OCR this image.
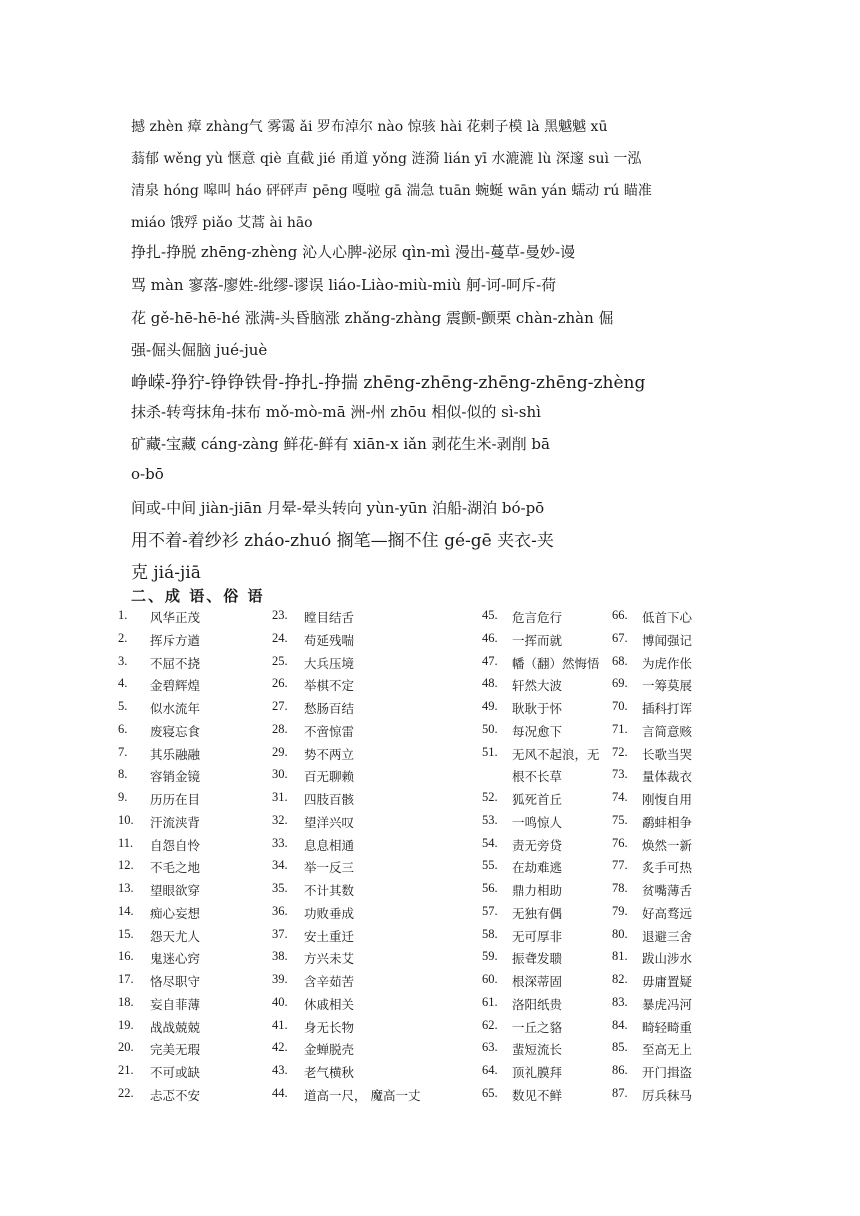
撼 zhèn 瘴 zhàng气 雾霭 ǎi 罗布淖尔 nào 惊骇 hài 花剌子模 là 黑魆魆 xū
蓊郁 wěng yù 惬意 qiè 直截 jié 甬道 yǒng 涟漪 lián yī 水漉漉 lù 深邃 suì 一泓
清泉 hóng 嗥叫 háo 砰砰声 pēng 嘎啦 gā 湍急 tuān 蜿蜒 wān yán 蠕动 rú 瞄准
miáo 饿殍 piǎo 艾蒿 ài hāo
挣扎-挣脱 zhēng-zhèng 沁人心脾-泌尿 qìn-mì 漫出-蔓草-曼妙-谩
骂 màn 寥落-廖姓-纰缪-谬误 liáo-Liào-miù-miù 舸-诃-呵斥-荷
花 gě-hē-hē-hé 涨满-头昏脑涨 zhǎng-zhàng 震颤-颤栗 chàn-zhàn 倔
强-倔头倔脑 jué-juè
峥嵘-狰狞-铮铮铁骨-挣扎-挣揣 zhēng-zhēng-zhēng-zhēng-zhèng
抹杀-转弯抹角-抹布 mǒ-mò-mā 洲-州 zhōu 相似-似的 sì-shì
矿藏-宝藏 cáng-zàng 鲜花-鲜有 xiān-x iǎn 剥花生米-剥削 bā
o-bō
间或-中间 jiàn-jiān 月晕-晕头转向 yùn-yūn 泊船-湖泊 bó-pō
用不着-着纱衫 zháo-zhuó 搁笔—搁不住 gé-gē 夹衣-夹
克 jiá-jiā
二、成 语、俗 语
1. 风华正茂
2. 挥斥方遒
3. 不屈不挠
4. 金碧辉煌
5. 似水流年
6. 废寝忘食
7. 其乐融融
8. 容销金镜
9. 历历在目
10. 汗流浃背
11. 自怨自怜
12. 不毛之地
13. 望眼欲穿
14. 痴心妄想
15. 怨天尤人
16. 鬼迷心窍
17. 恪尽职守
18. 妄自菲薄
19. 战战兢兢
20. 完美无瑕
21. 不可或缺
22. 忐忑不安
23. 瞠目结舌
24. 苟延残喘
25. 大兵压境
26. 举棋不定
27. 愁肠百结
28. 不啻惊雷
29. 势不两立
30. 百无聊赖
31. 四肢百骸
32. 望洋兴叹
33. 息息相通
34. 举一反三
35. 不计其数
36. 功败垂成
37. 安土重迁
38. 方兴未艾
39. 含辛茹苦
40. 休戚相关
41. 身无长物
42. 金蝉脱壳
43. 老气横秋
44. 道高一尺， 魔高一丈
45. 危言危行
46. 一挥而就
47. 幡（翻）然悔悟
48. 轩然大波
49. 耿耿于怀
50. 每况愈下
51. 无风不起浪，无
根不长草
52. 狐死首丘
53. 一鸣惊人
54. 责无旁贷
55. 在劫难逃
56. 鼎力相助
57. 无独有偶
58. 无可厚非
59. 振聋发聩
60. 根深蒂固
61. 洛阳纸贵
62. 一丘之貉
63. 蜚短流长
64. 顶礼膜拜
65. 数见不鲜
66. 低首下心
67. 博闻强记
68. 为虎作伥
69. 一筹莫展
70. 插科打诨
71. 言简意赅
72. 长歌当哭
73. 量体裁衣
74. 刚愎自用
75. 鹬蚌相争
76. 焕然一新
77. 炙手可热
78. 贫嘴薄舌
79. 好高骛远
80. 退避三舍
81. 跋山涉水
82. 毋庸置疑
83. 暴虎冯河
84. 畸轻畸重
85. 至高无上
86. 开门揖盗
87. 厉兵秣马
